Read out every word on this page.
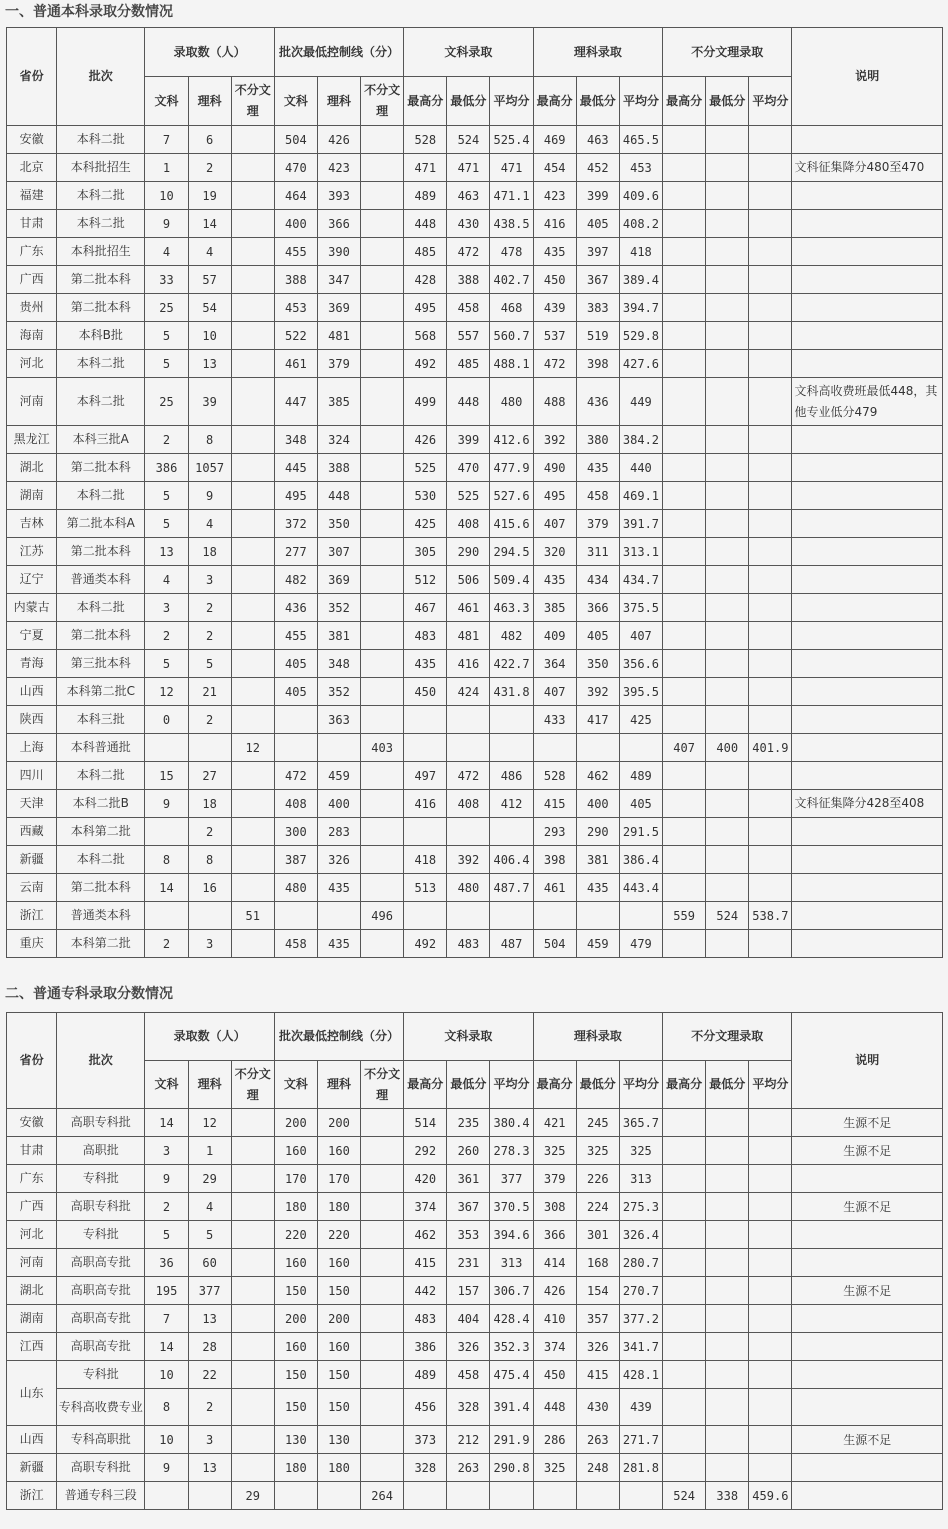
一、普通本科录取分数情况
省份	批次	录取数（人）			批次最低控制线（分）			文科录取			理科录取			不分文理录取			说明
		文科	理科	不分文理	文科	理科	不分文理	最高分	最低分	平均分	最高分	最低分	平均分	最高分	最低分	平均分	
安徽	本科二批	7	6		504	426		528	524	525.4	469	463	465.5				
北京	本科批招生	1	2		470	423		471	471	471	454	452	453				文科征集降分480至470
福建	本科二批	10	19		464	393		489	463	471.1	423	399	409.6				
甘肃	本科二批	9	14		400	366		448	430	438.5	416	405	408.2				
广东	本科批招生	4	4		455	390		485	472	478	435	397	418				
广西	第二批本科	33	57		388	347		428	388	402.7	450	367	389.4				
贵州	第二批本科	25	54		453	369		495	458	468	439	383	394.7				
海南	本科B批	5	10		522	481		568	557	560.7	537	519	529.8				
河北	本科二批	5	13		461	379		492	485	488.1	472	398	427.6				
河南	本科二批	25	39		447	385		499	448	480	488	436	449				文科高收费班最低448，其他专业低分479
黑龙江	本科三批A	2	8		348	324		426	399	412.6	392	380	384.2				
湖北	第二批本科	386	1057		445	388		525	470	477.9	490	435	440				
湖南	本科二批	5	9		495	448		530	525	527.6	495	458	469.1				
吉林	第二批本科A	5	4		372	350		425	408	415.6	407	379	391.7				
江苏	第二批本科	13	18		277	307		305	290	294.5	320	311	313.1				
辽宁	普通类本科	4	3		482	369		512	506	509.4	435	434	434.7				
内蒙古	本科二批	3	2		436	352		467	461	463.3	385	366	375.5				
宁夏	第二批本科	2	2		455	381		483	481	482	409	405	407				
青海	第三批本科	5	5		405	348		435	416	422.7	364	350	356.6				
山西	本科第二批C	12	21		405	352		450	424	431.8	407	392	395.5				
陕西	本科三批	0	2			363					433	417	425				
上海	本科普通批			12			403							407	400	401.9	
四川	本科二批	15	27		472	459		497	472	486	528	462	489				
天津	本科二批B	9	18		408	400		416	408	412	415	400	405				文科征集降分428至408
西藏	本科第二批		2		300	283					293	290	291.5				
新疆	本科二批	8	8		387	326		418	392	406.4	398	381	386.4				
云南	第二批本科	14	16		480	435		513	480	487.7	461	435	443.4				
浙江	普通类本科			51			496							559	524	538.7	
重庆	本科第二批	2	3		458	435		492	483	487	504	459	479				
二、普通专科录取分数情况
省份	批次	录取数（人）			批次最低控制线（分）			文科录取			理科录取			不分文理录取			说明
		文科	理科	不分文理	文科	理科	不分文理	最高分	最低分	平均分	最高分	最低分	平均分	最高分	最低分	平均分	
安徽	高职专科批	14	12		200	200		514	235	380.4	421	245	365.7				生源不足
甘肃	高职批	3	1		160	160		292	260	278.3	325	325	325				生源不足
广东	专科批	9	29		170	170		420	361	377	379	226	313				
广西	高职专科批	2	4		180	180		374	367	370.5	308	224	275.3				生源不足
河北	专科批	5	5		220	220		462	353	394.6	366	301	326.4				
河南	高职高专批	36	60		160	160		415	231	313	414	168	280.7				
湖北	高职高专批	195	377		150	150		442	157	306.7	426	154	270.7				生源不足
湖南	高职高专批	7	13		200	200		483	404	428.4	410	357	377.2				
江西	高职高专批	14	28		160	160		386	326	352.3	374	326	341.7				
山东	专科批	10	22		150	150		489	458	475.4	450	415	428.1				
	专科高收费专业	8	2		150	150		456	328	391.4	448	430	439				
山西	专科高职批	10	3		130	130		373	212	291.9	286	263	271.7				生源不足
新疆	高职专科批	9	13		180	180		328	263	290.8	325	248	281.8				
浙江	普通专科三段			29			264							524	338	459.6	
